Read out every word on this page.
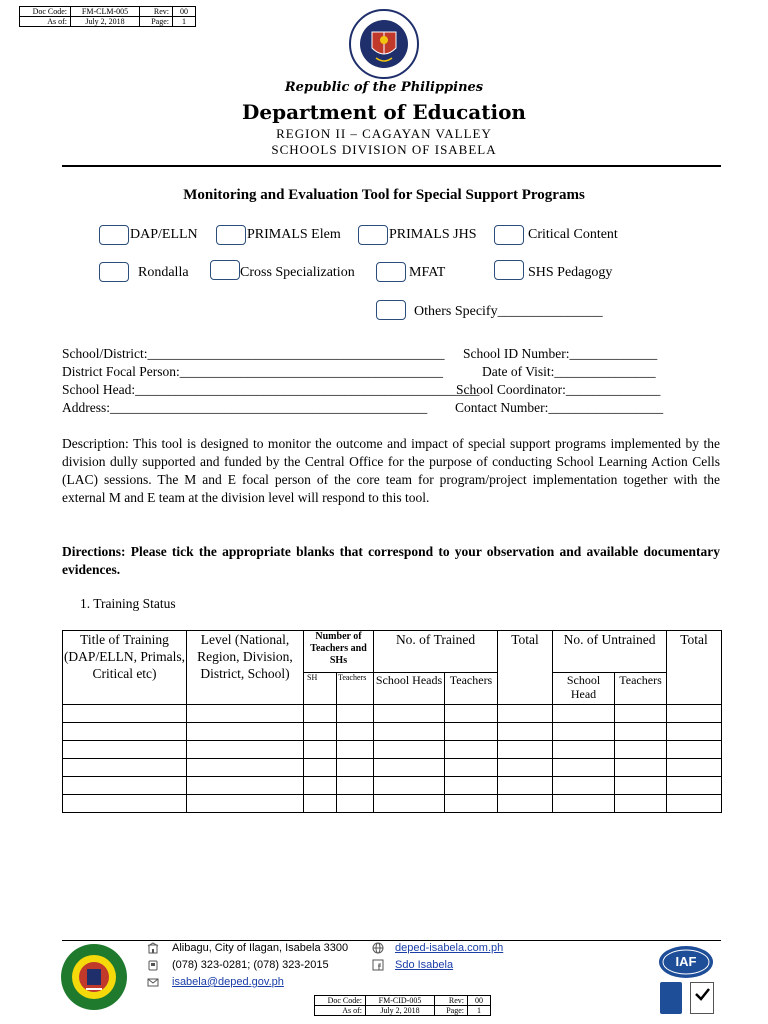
Doc Code:	FM-CLM-005	Rev:	00
As of:	July 2, 2018	Page:	1
Republic of the Philippines
Department of Education
REGION II – CAGAYAN VALLEY
SCHOOLS DIVISION OF ISABELA
Monitoring and Evaluation Tool for Special Support Programs
DAP/ELLN	PRIMALS Elem	PRIMALS JHS	Critical Content
Rondalla	Cross Specialization	MFAT	SHS Pedagogy
Others Specify_______________
School/District:____________________________________________ School ID Number:_____________
District Focal Person:_______________________________________	Date of Visit:_______________
School Head:___________________________________________________
School Coordinator:______________
Address:_______________________________________________ Contact Number:_________________
Description: This tool is designed to monitor the outcome and impact of special support programs implemented by the division dully supported and funded by the Central Office for the purpose of conducting School Learning Action Cells (LAC) sessions. The M and E focal person of the core team for program/project implementation together with the external M and E team at the division level will respond to this tool.
Directions: Please tick the appropriate blanks that correspond to your observation and available documentary evidences.
1. Training Status
Title of Training (DAP/ELLN, Primals, Critical etc)	Level (National, Region, Division, District, School)	Number of Teachers and SHs		No. of Trained		Total	No. of Untrained		Total
		SH	Teachers	School Heads	Teachers		School Head	Teachers	

Alibagu, City of Ilagan, Isabela 3300
(078) 323-0281; (078) 323-2015
isabela@deped.gov.ph
deped-isabela.com.ph
Sdo Isabela	IAF
Doc Code:	FM-CID-005	Rev:	00
As of:	July 2, 2018	Page:	1
